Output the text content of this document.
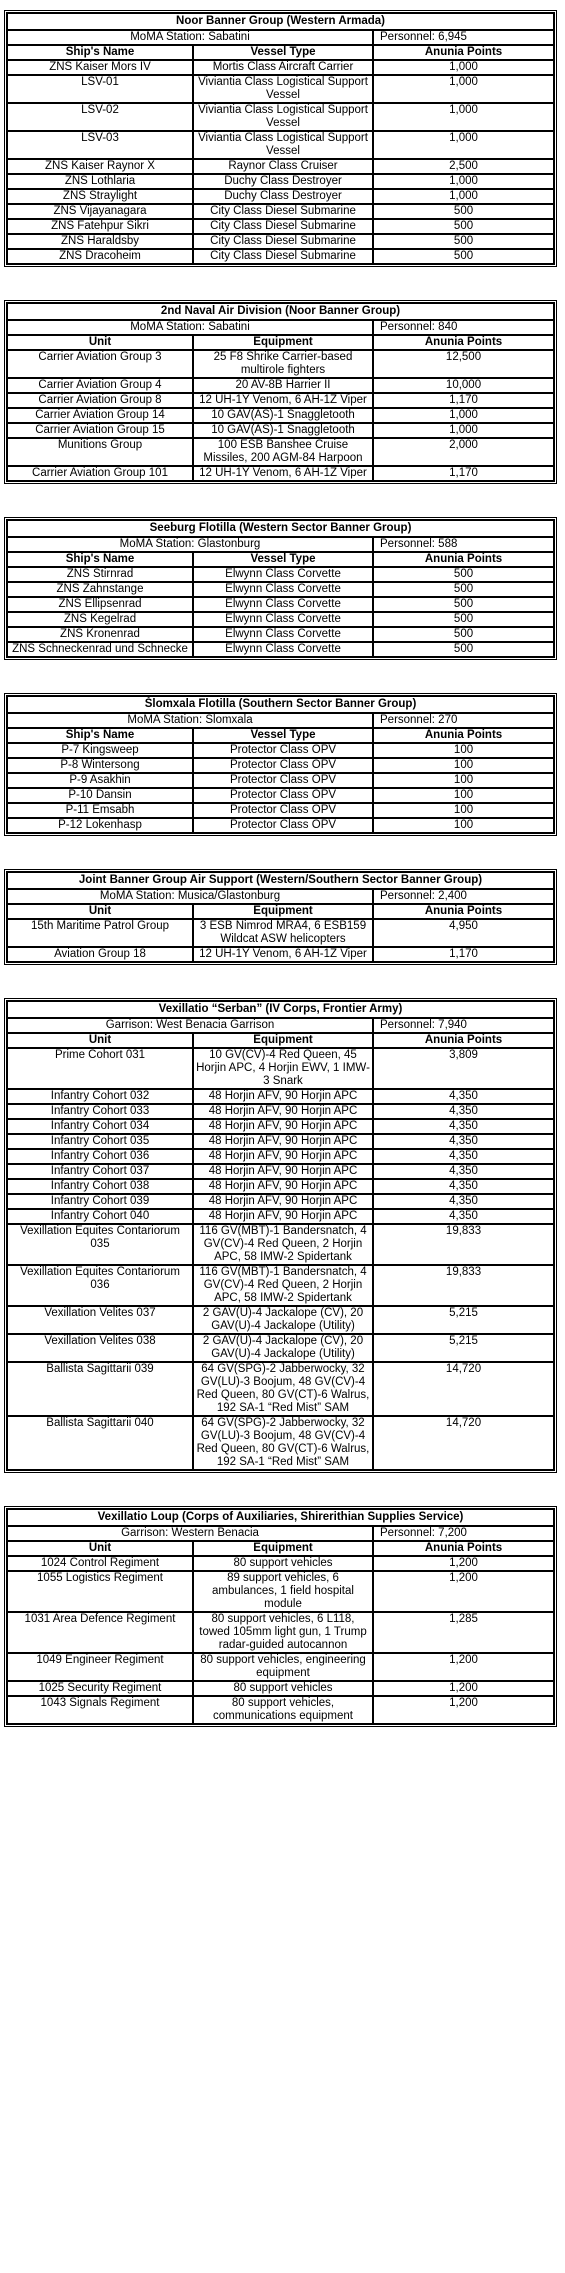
Noor Banner Group (Western Armada)		
MoMA Station: Sabatini		Personnel: 6,945
Ship's Name	Vessel Type	Anunia Points
ZNS Kaiser Mors IV	Mortis Class Aircraft Carrier	1,000
LSV-01	Viviantia Class Logistical Support Vessel	1,000
LSV-02	Viviantia Class Logistical Support Vessel	1,000
LSV-03	Viviantia Class Logistical Support Vessel	1,000
ZNS Kaiser Raynor X	Raynor Class Cruiser	2,500
ZNS Lothlaria	Duchy Class Destroyer	1,000
ZNS Straylight	Duchy Class Destroyer	1,000
ZNS Vijayanagara	City Class Diesel Submarine	500
ZNS Fatehpur Sikri	City Class Diesel Submarine	500
ZNS Haraldsby	City Class Diesel Submarine	500
ZNS Dracoheim	City Class Diesel Submarine	500
2nd Naval Air Division (Noor Banner Group)		
MoMA Station: Sabatini		Personnel: 840
Unit	Equipment	Anunia Points
Carrier Aviation Group 3	25 F8 Shrike Carrier-based multirole fighters	12,500
Carrier Aviation Group 4	20 AV-8B Harrier II	10,000
Carrier Aviation Group 8	12 UH-1Y Venom, 6 AH-1Z Viper	1,170
Carrier Aviation Group 14	10 GAV(AS)-1 Snaggletooth	1,000
Carrier Aviation Group 15	10 GAV(AS)-1 Snaggletooth	1,000
Munitions Group	100 ESB Banshee Cruise Missiles, 200 AGM-84 Harpoon	2,000
Carrier Aviation Group 101	12 UH-1Y Venom, 6 AH-1Z Viper	1,170
Seeburg Flotilla (Western Sector Banner Group)		
MoMA Station: Glastonburg		Personnel: 588
Ship's Name	Vessel Type	Anunia Points
ZNS Stirnrad	Elwynn Class Corvette	500
ZNS Zahnstange	Elwynn Class Corvette	500
ZNS Ellipsenrad	Elwynn Class Corvette	500
ZNS Kegelrad	Elwynn Class Corvette	500
ZNS Kronenrad	Elwynn Class Corvette	500
ZNS Schneckenrad und Schnecke	Elwynn Class Corvette	500
Šlomxala Flotilla (Southern Sector Banner Group)		
MoMA Station: Šlomxala		Personnel: 270
Ship's Name	Vessel Type	Anunia Points
P-7 Kingsweep	Protector Class OPV	100
P-8 Wintersong	Protector Class OPV	100
P-9 Asakhin	Protector Class OPV	100
P-10 Dansin	Protector Class OPV	100
P-11 Emsabh	Protector Class OPV	100
P-12 Lokenhasp	Protector Class OPV	100
Joint Banner Group Air Support (Western/Southern Sector Banner Group)		
MoMA Station: Musica/Glastonburg		Personnel: 2,400
Unit	Equipment	Anunia Points
15th Maritime Patrol Group	3 ESB Nimrod MRA4, 6 ESB159 Wildcat ASW helicopters	4,950
Aviation Group 18	12 UH-1Y Venom, 6 AH-1Z Viper	1,170
Vexillatio “Serban” (IV Corps, Frontier Army)		
Garrison: West Benacia Garrison		Personnel: 7,940
Unit	Equipment	Anunia Points
Prime Cohort 031	10 GV(CV)-4 Red Queen, 45 Horjin APC, 4 Horjin EWV, 1 IMW-3 Snark	3,809
Infantry Cohort 032	48 Horjin AFV, 90 Horjin APC	4,350
Infantry Cohort 033	48 Horjin AFV, 90 Horjin APC	4,350
Infantry Cohort 034	48 Horjin AFV, 90 Horjin APC	4,350
Infantry Cohort 035	48 Horjin AFV, 90 Horjin APC	4,350
Infantry Cohort 036	48 Horjin AFV, 90 Horjin APC	4,350
Infantry Cohort 037	48 Horjin AFV, 90 Horjin APC	4,350
Infantry Cohort 038	48 Horjin AFV, 90 Horjin APC	4,350
Infantry Cohort 039	48 Horjin AFV, 90 Horjin APC	4,350
Infantry Cohort 040	48 Horjin AFV, 90 Horjin APC	4,350
Vexillation Equites Contariorum 035	116 GV(MBT)-1 Bandersnatch, 4 GV(CV)-4 Red Queen, 2 Horjin APC, 58 IMW-2 Spidertank	19,833
Vexillation Equites Contariorum 036	116 GV(MBT)-1 Bandersnatch, 4 GV(CV)-4 Red Queen, 2 Horjin APC, 58 IMW-2 Spidertank	19,833
Vexillation Velites 037	2 GAV(U)-4 Jackalope (CV), 20 GAV(U)-4 Jackalope (Utility)	5,215
Vexillation Velites 038	2 GAV(U)-4 Jackalope (CV), 20 GAV(U)-4 Jackalope (Utility)	5,215
Ballista Sagittarii 039	64 GV(SPG)-2 Jabberwocky, 32 GV(LU)-3 Boojum, 48 GV(CV)-4 Red Queen, 80 GV(CT)-6 Walrus, 192 SA-1 “Red Mist” SAM	14,720
Ballista Sagittarii 040	64 GV(SPG)-2 Jabberwocky, 32 GV(LU)-3 Boojum, 48 GV(CV)-4 Red Queen, 80 GV(CT)-6 Walrus, 192 SA-1 “Red Mist” SAM	14,720
Vexillatio Loup (Corps of Auxiliaries, Shirerithian Supplies Service)		
Garrison: Western Benacia		Personnel: 7,200
Unit	Equipment	Anunia Points
1024 Control Regiment	80 support vehicles	1,200
1055 Logistics Regiment	89 support vehicles, 6 ambulances, 1 field hospital module	1,200
1031 Area Defence Regiment	80 support vehicles, 6 L118, towed 105mm light gun, 1 Trump radar-guided autocannon	1,285
1049 Engineer Regiment	80 support vehicles, engineering equipment	1,200
1025 Security Regiment	80 support vehicles	1,200
1043 Signals Regiment	80 support vehicles, communications equipment	1,200
